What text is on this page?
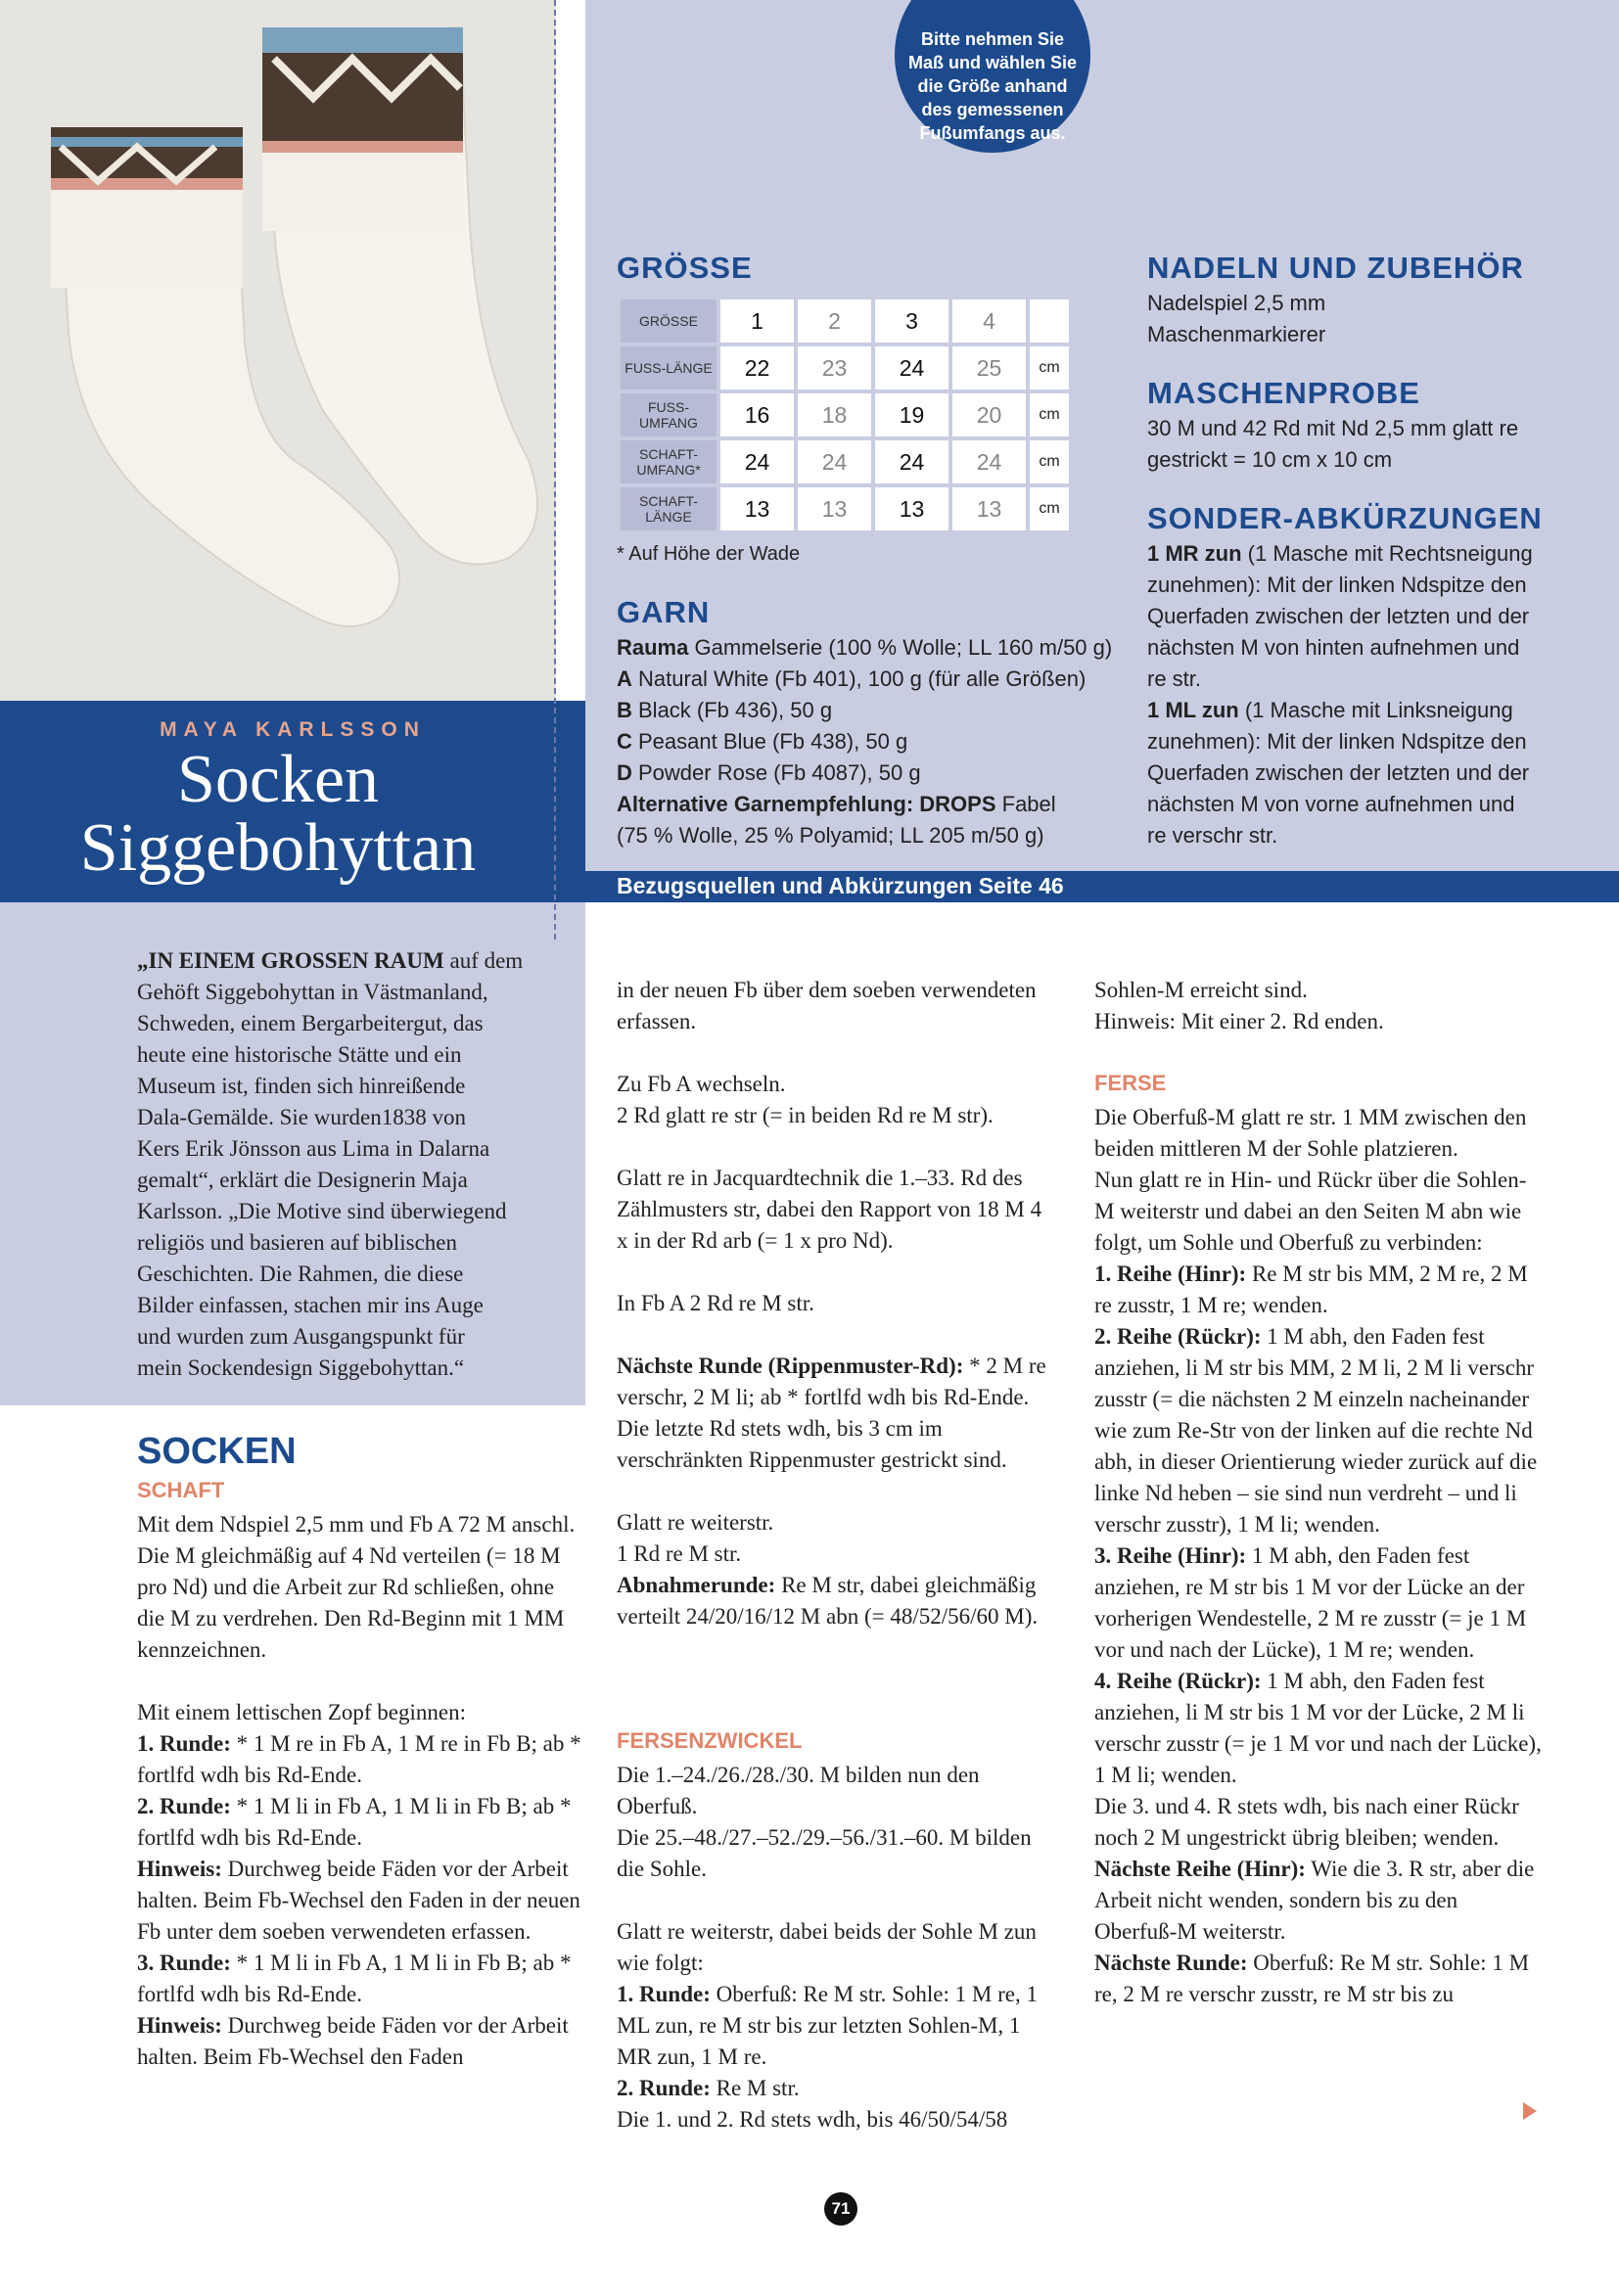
MAYA KARLSSON
Socken
Siggebohyttan	Bezugsquellen und Abkürzungen Seite 46
Bitte nehmen Sie Maß und wählen Sie die Größe anhand des gemessenen Fußumfangs aus.
GRÖSSE
GRÖSSE	1	2	3	4	
FUSS-LÄNGE	22	23	24	25	cm
FUSS-UMFANG	16	18	19	20	cm
SCHAFT-UMFANG*	24	24	24	24	cm
SCHAFT-LÄNGE	13	13	13	13	cm
* Auf Höhe der Wade
GARN
Rauma Gammelserie (100 % Wolle; LL 160 m/50 g)
A Natural White (Fb 401), 100 g (für alle Größen)
B Black (Fb 436), 50 g
C Peasant Blue (Fb 438), 50 g
D Powder Rose (Fb 4087), 50 g
Alternative Garnempfehlung: DROPS Fabel
(75 % Wolle, 25 % Polyamid; LL 205 m/50 g)
NADELN UND ZUBEHÖR
Nadelspiel 2,5 mm
Maschenmarkierer
MASCHENPROBE
30 M und 42 Rd mit Nd 2,5 mm glatt re
gestrickt = 10 cm x 10 cm
SONDER-ABKÜRZUNGEN
1 MR zun (1 Masche mit Rechtsneigung
zunehmen): Mit der linken Ndspitze den
Querfaden zwischen der letzten und der
nächsten M von hinten aufnehmen und
re str.
1 ML zun (1 Masche mit Linksneigung
zunehmen): Mit der linken Ndspitze den
Querfaden zwischen der letzten und der
nächsten M von vorne aufnehmen und
re verschr str.
„IN EINEM GROSSEN RAUM auf dem
Gehöft Siggebohyttan in Västmanland,
Schweden, einem Bergarbeitergut, das
heute eine historische Stätte und ein
Museum ist, finden sich hinreißende
Dala-Gemälde. Sie wurden1838 von
Kers Erik Jönsson aus Lima in Dalarna
gemalt“, erklärt die Designerin Maja
Karlsson. „Die Motive sind überwiegend
religiös und basieren auf biblischen
Geschichten. Die Rahmen, die diese
Bilder einfassen, stachen mir ins Auge
und wurden zum Ausgangspunkt für
mein Sockendesign Siggebohyttan.“
SOCKEN
SCHAFT

Mit dem Ndspiel 2,5 mm und Fb A 72 M anschl.

Die M gleichmäßig auf 4 Nd verteilen (= 18 M pro Nd) und die Arbeit zur Rd schließen, ohne die M zu verdrehen. Den Rd-Beginn mit 1 MM kennzeichnen.

Mit einem lettischen Zopf beginnen:

1. Runde: * 1 M re in Fb A, 1 M re in Fb B; ab * fortlfd wdh bis Rd-Ende.

2. Runde: * 1 M li in Fb A, 1 M li in Fb B; ab * fortlfd wdh bis Rd-Ende.

Hinweis: Durchweg beide Fäden vor der Arbeit halten. Beim Fb-Wechsel den Faden in der neuen Fb unter dem soeben verwendeten erfassen.

3. Runde: * 1 M li in Fb A, 1 M li in Fb B; ab * fortlfd wdh bis Rd-Ende.

Hinweis: Durchweg beide Fäden vor der Arbeit halten. Beim Fb-Wechsel den Faden

in der neuen Fb über dem soeben verwendeten erfassen.

Zu Fb A wechseln.

2 Rd glatt re str (= in beiden Rd re M str).

Glatt re in Jacquardtechnik die 1.–33. Rd des Zählmusters str, dabei den Rapport von 18 M 4 x in der Rd arb (= 1 x pro Nd).

In Fb A 2 Rd re M str.

Nächste Runde (Rippenmuster-Rd): * 2 M re verschr, 2 M li; ab * fortlfd wdh bis Rd-Ende.

Die letzte Rd stets wdh, bis 3 cm im verschränkten Rippenmuster gestrickt sind.

Glatt re weiterstr.

1 Rd re M str.

Abnahmerunde: Re M str, dabei gleichmäßig verteilt 24/20/16/12 M abn (= 48/52/56/60 M).

FERSENZWICKEL

Die 1.–24./26./28./30. M bilden nun den Oberfuß.

Die 25.–48./27.–52./29.–56./31.–60. M bilden die Sohle.

Glatt re weiterstr, dabei beids der Sohle M zun wie folgt:

1. Runde: Oberfuß: Re M str. Sohle: 1 M re, 1 ML zun, re M str bis zur letzten Sohlen-M, 1 MR zun, 1 M re.

2. Runde: Re M str.

Die 1. und 2. Rd stets wdh, bis 46/50/54/58

Sohlen-M erreicht sind.

Hinweis: Mit einer 2. Rd enden.

FERSE

Die Oberfuß-M glatt re str. 1 MM zwischen den beiden mittleren M der Sohle platzieren.

Nun glatt re in Hin- und Rückr über die Sohlen-M weiterstr und dabei an den Seiten M abn wie folgt, um Sohle und Oberfuß zu verbinden:

1. Reihe (Hinr): Re M str bis MM, 2 M re, 2 M re zusstr, 1 M re; wenden.

2. Reihe (Rückr): 1 M abh, den Faden fest anziehen, li M str bis MM, 2 M li, 2 M li verschr zusstr (= die nächsten 2 M einzeln nacheinander wie zum Re-Str von der linken auf die rechte Nd abh, in dieser Orientierung wieder zurück auf die linke Nd heben – sie sind nun verdreht – und li verschr zusstr), 1 M li; wenden.

3. Reihe (Hinr): 1 M abh, den Faden fest anziehen, re M str bis 1 M vor der Lücke an der vorherigen Wendestelle, 2 M re zusstr (= je 1 M vor und nach der Lücke), 1 M re; wenden.

4. Reihe (Rückr): 1 M abh, den Faden fest anziehen, li M str bis 1 M vor der Lücke, 2 M li verschr zusstr (= je 1 M vor und nach der Lücke), 1 M li; wenden.

Die 3. und 4. R stets wdh, bis nach einer Rückr noch 2 M ungestrickt übrig bleiben; wenden.

Nächste Reihe (Hinr): Wie die 3. R str, aber die Arbeit nicht wenden, sondern bis zu den Oberfuß-M weiterstr.

Nächste Runde: Oberfuß: Re M str. Sohle: 1 M re, 2 M re verschr zusstr, re M str bis zu

71
